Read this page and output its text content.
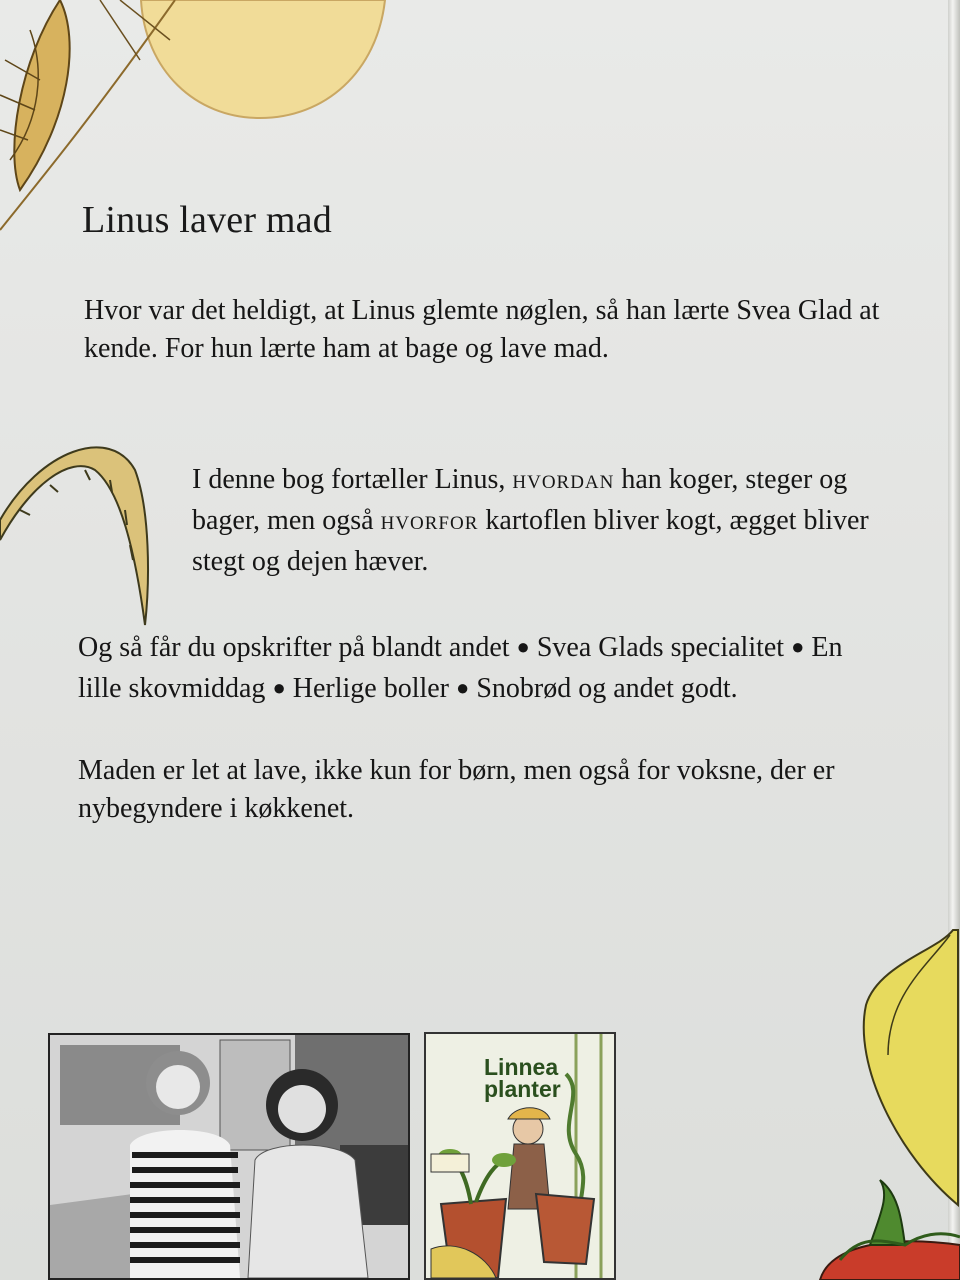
Linus laver mad

Hvor var det heldigt, at Linus glemte nøglen, så han lærte Svea Glad at kende. For hun lærte ham at bage og lave mad.

I denne bog fortæller Linus, HVORDAN han koger, steger og bager, men også HVORFOR kartoflen bliver kogt, ægget bliver stegt og dejen hæver.

Og så får du opskrifter på blandt andet ● Svea Glads specialitet ● En lille skovmiddag ● Herlige boller ● Snobrød og andet godt.

Maden er let at lave, ikke kun for børn, men også for voksne, der er nybegyndere i køkkenet.

Linnea
planter
